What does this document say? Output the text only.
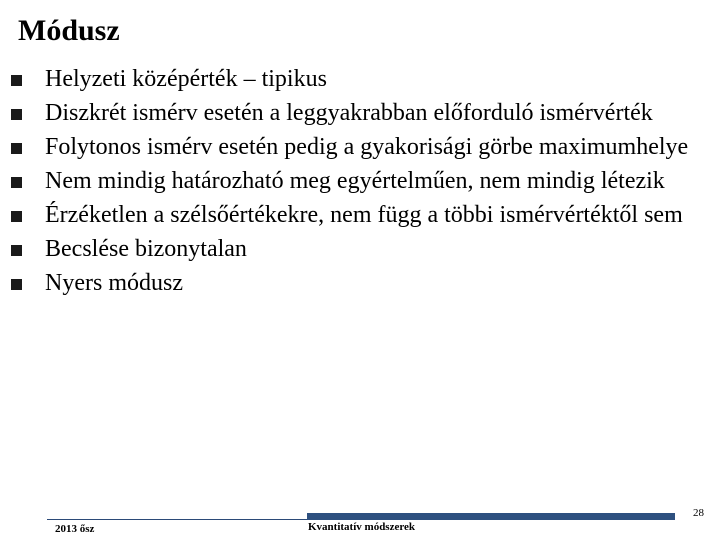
Módusz
Helyzeti középérték – tipikus
Diszkrét ismérv esetén a leggyakrabban előforduló ismérvérték
Folytonos ismérv esetén pedig a gyakorisági görbe maximumhelye
Nem mindig határozható meg egyértelműen, nem mindig létezik
Érzéketlen a szélsőértékekre, nem függ a többi ismérvértéktől sem
Becslése bizonytalan
Nyers módusz
2013 ősz	Kvantitatív módszerek
28
